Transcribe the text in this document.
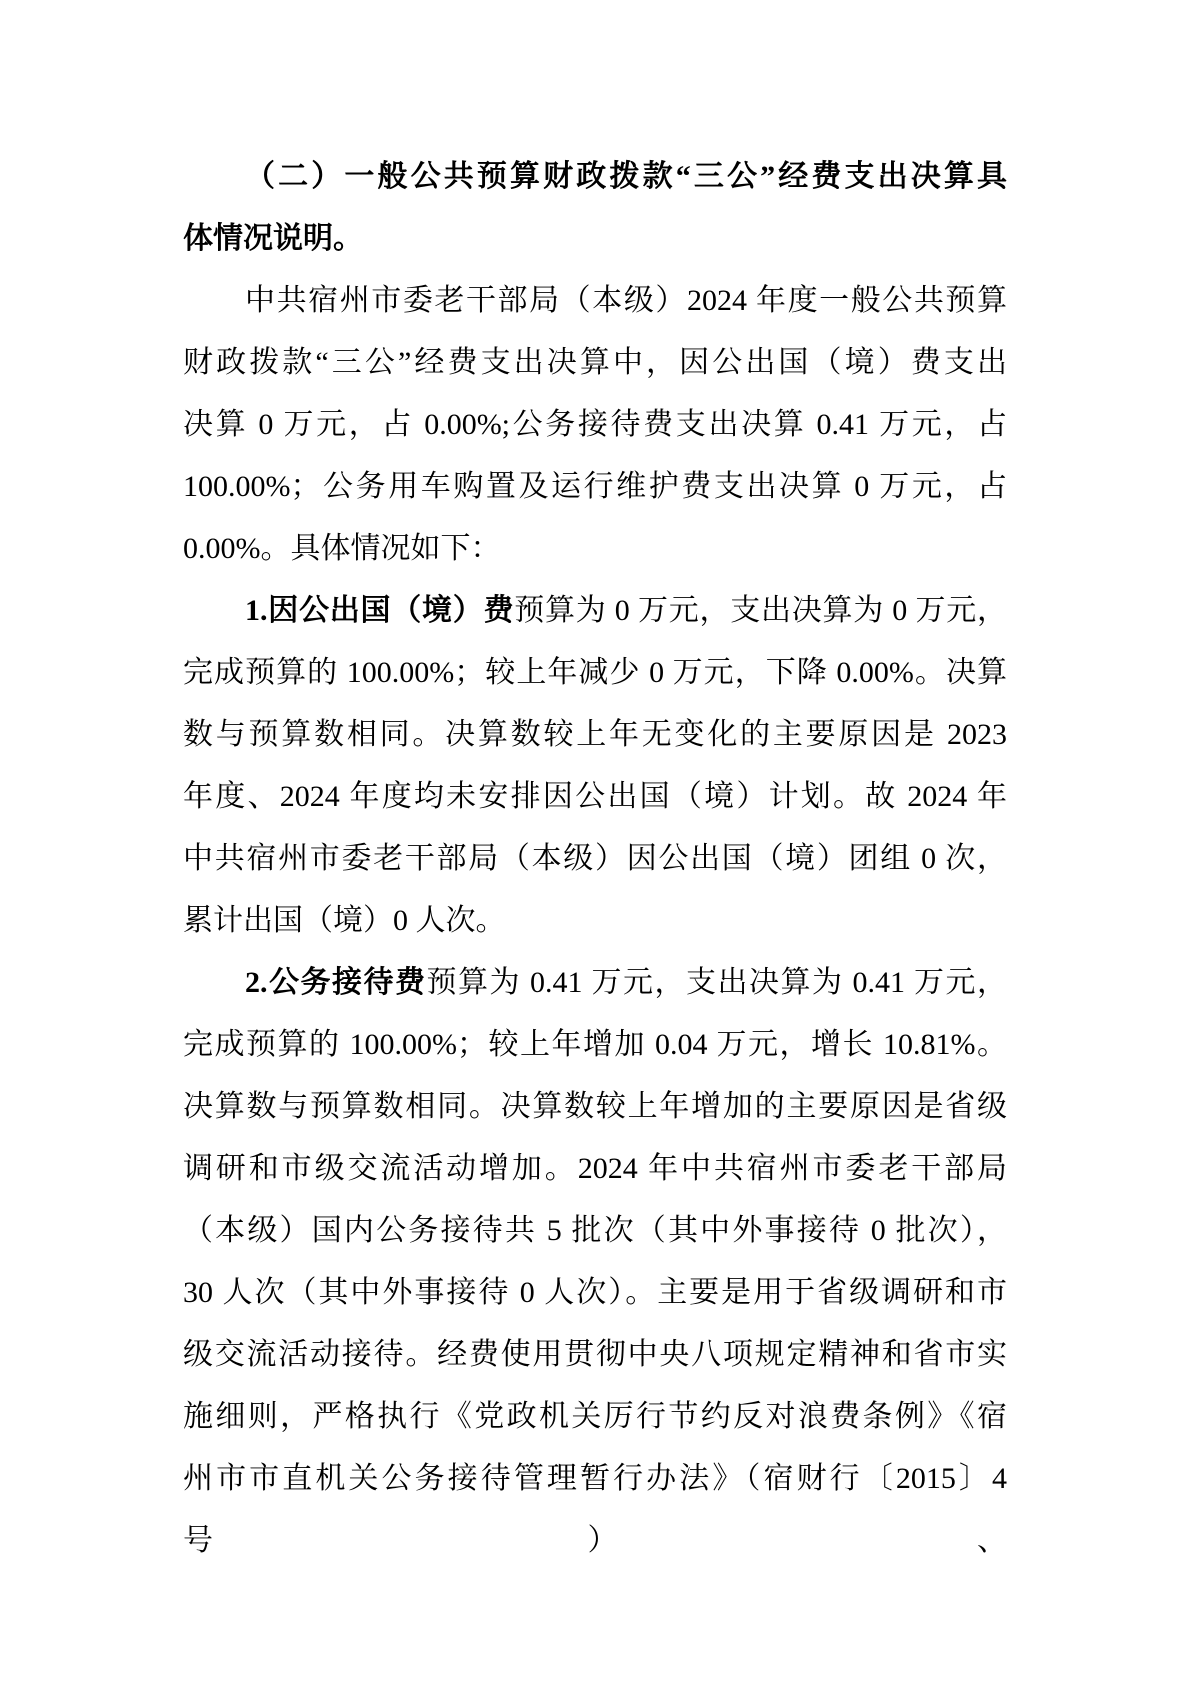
（二）一般公共预算财政拨款“三公”经费支出决算具
体情况说明。
中共宿州市委老干部局（本级）2024 年度一般公共预算
财政拨款“三公”经费支出决算中，因公出国（境）费支出
决算 0 万元，占 0.00%;公务接待费支出决算 0.41 万元，占
100.00%；公务用车购置及运行维护费支出决算 0 万元，占
0.00%。具体情况如下：
1.因公出国（境）费预算为 0 万元，支出决算为 0 万元，
完成预算的 100.00%；较上年减少 0 万元，下降 0.00%。决算
数与预算数相同。决算数较上年无变化的主要原因是 2023
年度、2024 年度均未安排因公出国（境）计划。故 2024 年
中共宿州市委老干部局（本级）因公出国（境）团组 0 次，
累计出国（境）0 人次。
2.公务接待费预算为 0.41 万元，支出决算为 0.41 万元，
完成预算的 100.00%；较上年增加 0.04 万元，增长 10.81%。
决算数与预算数相同。决算数较上年增加的主要原因是省级
调研和市级交流活动增加。2024 年中共宿州市委老干部局
（本级）国内公务接待共 5 批次（其中外事接待 0 批次），
30 人次（其中外事接待 0 人次）。主要是用于省级调研和市
级交流活动接待。经费使用贯彻中央八项规定精神和省市实
施细则，严格执行《党政机关厉行节约反对浪费条例》《宿
州市市直机关公务接待管理暂行办法》（宿财行〔2015〕4 号）、
